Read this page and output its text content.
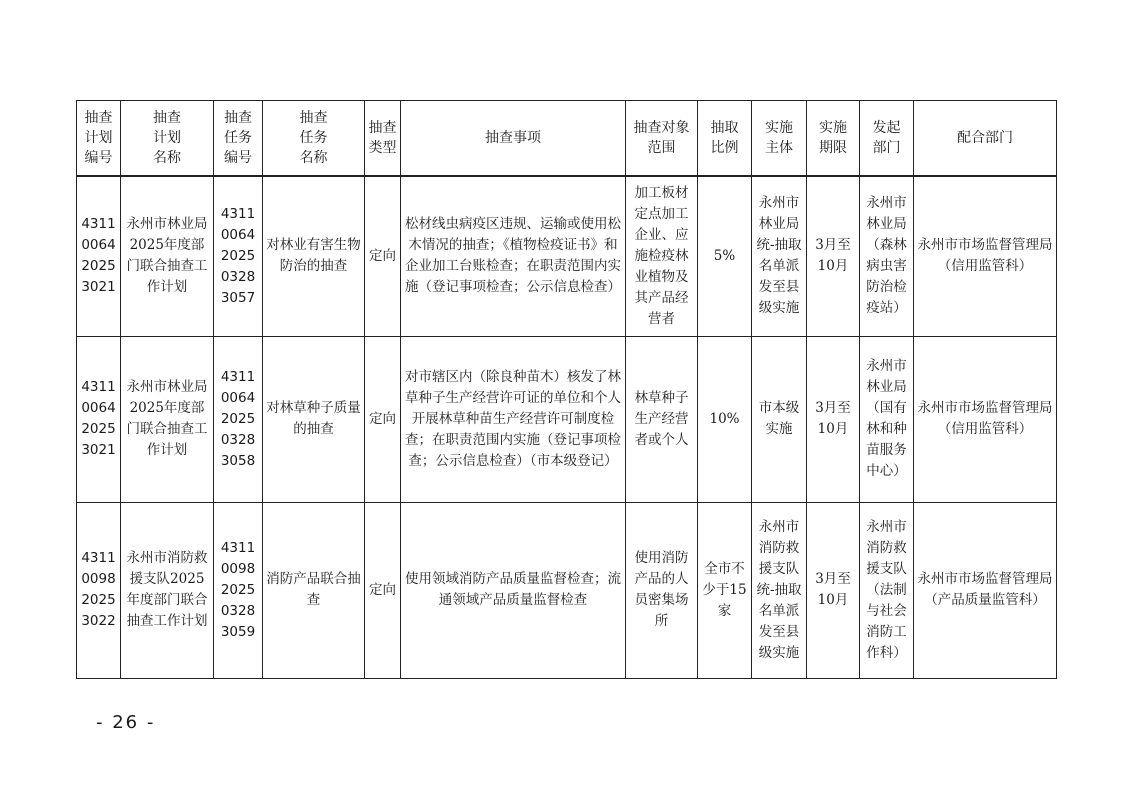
抽查
计划
编号	抽查
计划
名称	抽查
任务
编号	抽查
任务
名称	抽查
类型	抽查事项	抽查对象
范围	抽取
比例	实施
主体	实施
期限	发起
部门	配合部门
43110064202530​21	永州市林业局2025年度部门联合抽查工作计划	43110064202503283057	对林业有害生物防治的抽查	定向	松材线虫病疫区违规、运输或使用松木情况的抽查；《植物检疫证书》和企业加工台账检查；在职责范围内实施（登记事项检查；公示信息检查）	加工板材定点加工企业、应施检疫林业植物及其产品经营者	5%	永州市林业局统-抽取名单派发至县级实施	3月至10月	永州市林业局（森林病虫害防治检疫站）	永州市市场监督管理局（信用监管科）
4311006420253021	永州市林业局2025年度部门联合抽查工作计划	43110064202503283058	对林草种子质量的抽查	定向	对市辖区内（除良种苗木）核发了林草种子生产经营许可证的单位和个人开展林草种苗生产经营许可制度检查；在职责范围内实施（登记事项检查；公示信息检查）（市本级登记）	林草种子生产经营者或个人	10%	市本级实施	3月至10月	永州市林业局（国有林和种苗服务中心）	永州市市场监督管理局（信用监管科）
4311009820253022	永州市消防救援支队2025年度部门联合抽查工作计划	43110098202503283059	消防产品联合抽查	定向	使用领域消防产品质量监督检查；流通领域产品质量监督检查	使用消防产品的人员密集场所	全市不少于15家	永州市消防救援支队统-抽取名单派发至县级实施	3月至10月	永州市消防救援支队（法制与社会消防工作科）	永州市市场监督管理局（产品质量监管科）
- 26 -
